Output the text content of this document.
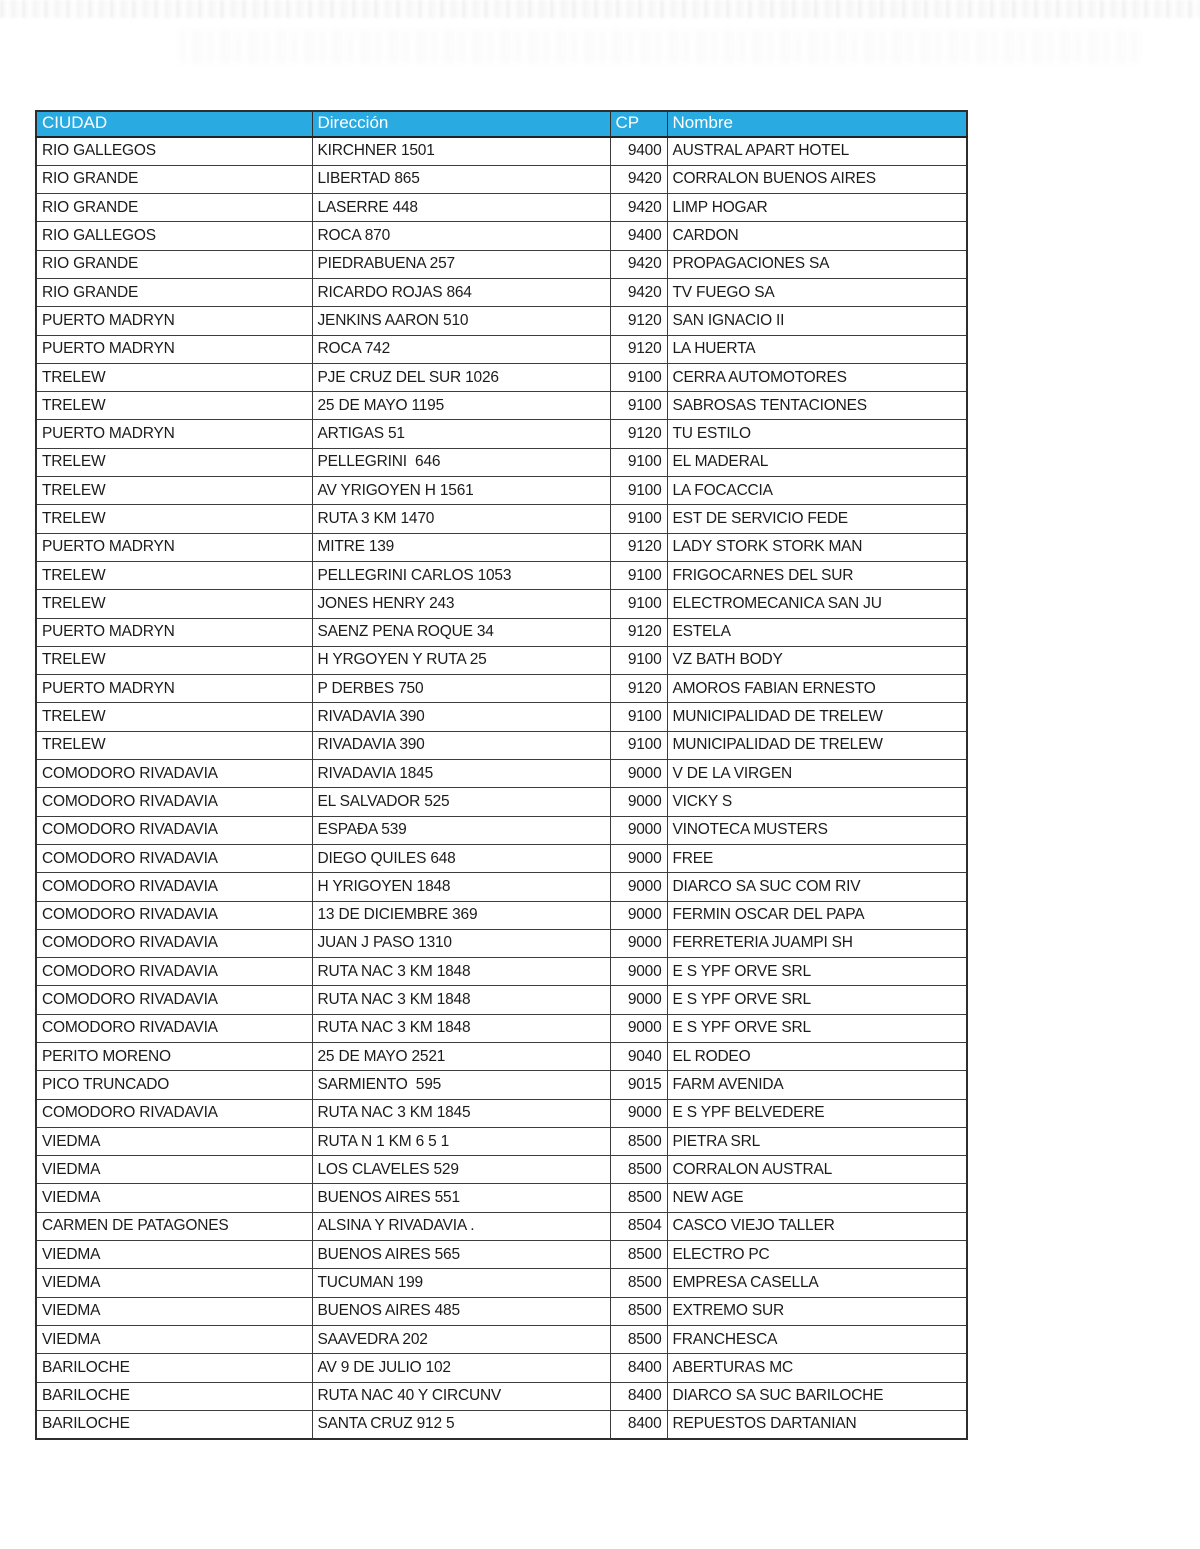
CIUDAD	Dirección	CP	Nombre
RIO GALLEGOS	KIRCHNER 1501	9400	AUSTRAL APART HOTEL
RIO GRANDE	LIBERTAD 865	9420	CORRALON BUENOS AIRES
RIO GRANDE	LASERRE 448	9420	LIMP HOGAR
RIO GALLEGOS	ROCA 870	9400	CARDON
RIO GRANDE	PIEDRABUENA 257	9420	PROPAGACIONES SA
RIO GRANDE	RICARDO ROJAS 864	9420	TV FUEGO SA
PUERTO MADRYN	JENKINS AARON 510	9120	SAN IGNACIO II
PUERTO MADRYN	ROCA 742	9120	LA HUERTA
TRELEW	PJE CRUZ DEL SUR 1026	9100	CERRA AUTOMOTORES
TRELEW	25 DE MAYO 1195	9100	SABROSAS TENTACIONES
PUERTO MADRYN	ARTIGAS 51	9120	TU ESTILO
TRELEW	PELLEGRINI  646	9100	EL MADERAL
TRELEW	AV YRIGOYEN H 1561	9100	LA FOCACCIA
TRELEW	RUTA 3 KM 1470	9100	EST DE SERVICIO FEDE
PUERTO MADRYN	MITRE 139	9120	LADY STORK STORK MAN
TRELEW	PELLEGRINI CARLOS 1053	9100	FRIGOCARNES DEL SUR
TRELEW	JONES HENRY 243	9100	ELECTROMECANICA SAN JU
PUERTO MADRYN	SAENZ PENA ROQUE 34	9120	ESTELA
TRELEW	H YRGOYEN Y RUTA 25	9100	VZ BATH BODY
PUERTO MADRYN	P DERBES 750	9120	AMOROS FABIAN ERNESTO
TRELEW	RIVADAVIA 390	9100	MUNICIPALIDAD DE TRELEW
TRELEW	RIVADAVIA 390	9100	MUNICIPALIDAD DE TRELEW
COMODORO RIVADAVIA	RIVADAVIA 1845	9000	V DE LA VIRGEN
COMODORO RIVADAVIA	EL SALVADOR 525	9000	VICKY S
COMODORO RIVADAVIA	ESPAÐA 539	9000	VINOTECA MUSTERS
COMODORO RIVADAVIA	DIEGO QUILES 648	9000	FREE
COMODORO RIVADAVIA	H YRIGOYEN 1848	9000	DIARCO SA SUC COM RIV
COMODORO RIVADAVIA	13 DE DICIEMBRE 369	9000	FERMIN OSCAR DEL PAPA
COMODORO RIVADAVIA	JUAN J PASO 1310	9000	FERRETERIA JUAMPI SH
COMODORO RIVADAVIA	RUTA NAC 3 KM 1848	9000	E S YPF ORVE SRL
COMODORO RIVADAVIA	RUTA NAC 3 KM 1848	9000	E S YPF ORVE SRL
COMODORO RIVADAVIA	RUTA NAC 3 KM 1848	9000	E S YPF ORVE SRL
PERITO MORENO	25 DE MAYO 2521	9040	EL RODEO
PICO TRUNCADO	SARMIENTO  595	9015	FARM AVENIDA
COMODORO RIVADAVIA	RUTA NAC 3 KM 1845	9000	E S YPF BELVEDERE
VIEDMA	RUTA N 1 KM 6 5 1	8500	PIETRA SRL
VIEDMA	LOS CLAVELES 529	8500	CORRALON AUSTRAL
VIEDMA	BUENOS AIRES 551	8500	NEW AGE
CARMEN DE PATAGONES	ALSINA Y RIVADAVIA .	8504	CASCO VIEJO TALLER
VIEDMA	BUENOS AIRES 565	8500	ELECTRO PC
VIEDMA	TUCUMAN 199	8500	EMPRESA CASELLA
VIEDMA	BUENOS AIRES 485	8500	EXTREMO SUR
VIEDMA	SAAVEDRA 202	8500	FRANCHESCA
BARILOCHE	AV 9 DE JULIO 102	8400	ABERTURAS MC
BARILOCHE	RUTA NAC 40 Y CIRCUNV	8400	DIARCO SA SUC BARILOCHE
BARILOCHE	SANTA CRUZ 912 5	8400	REPUESTOS DARTANIAN
